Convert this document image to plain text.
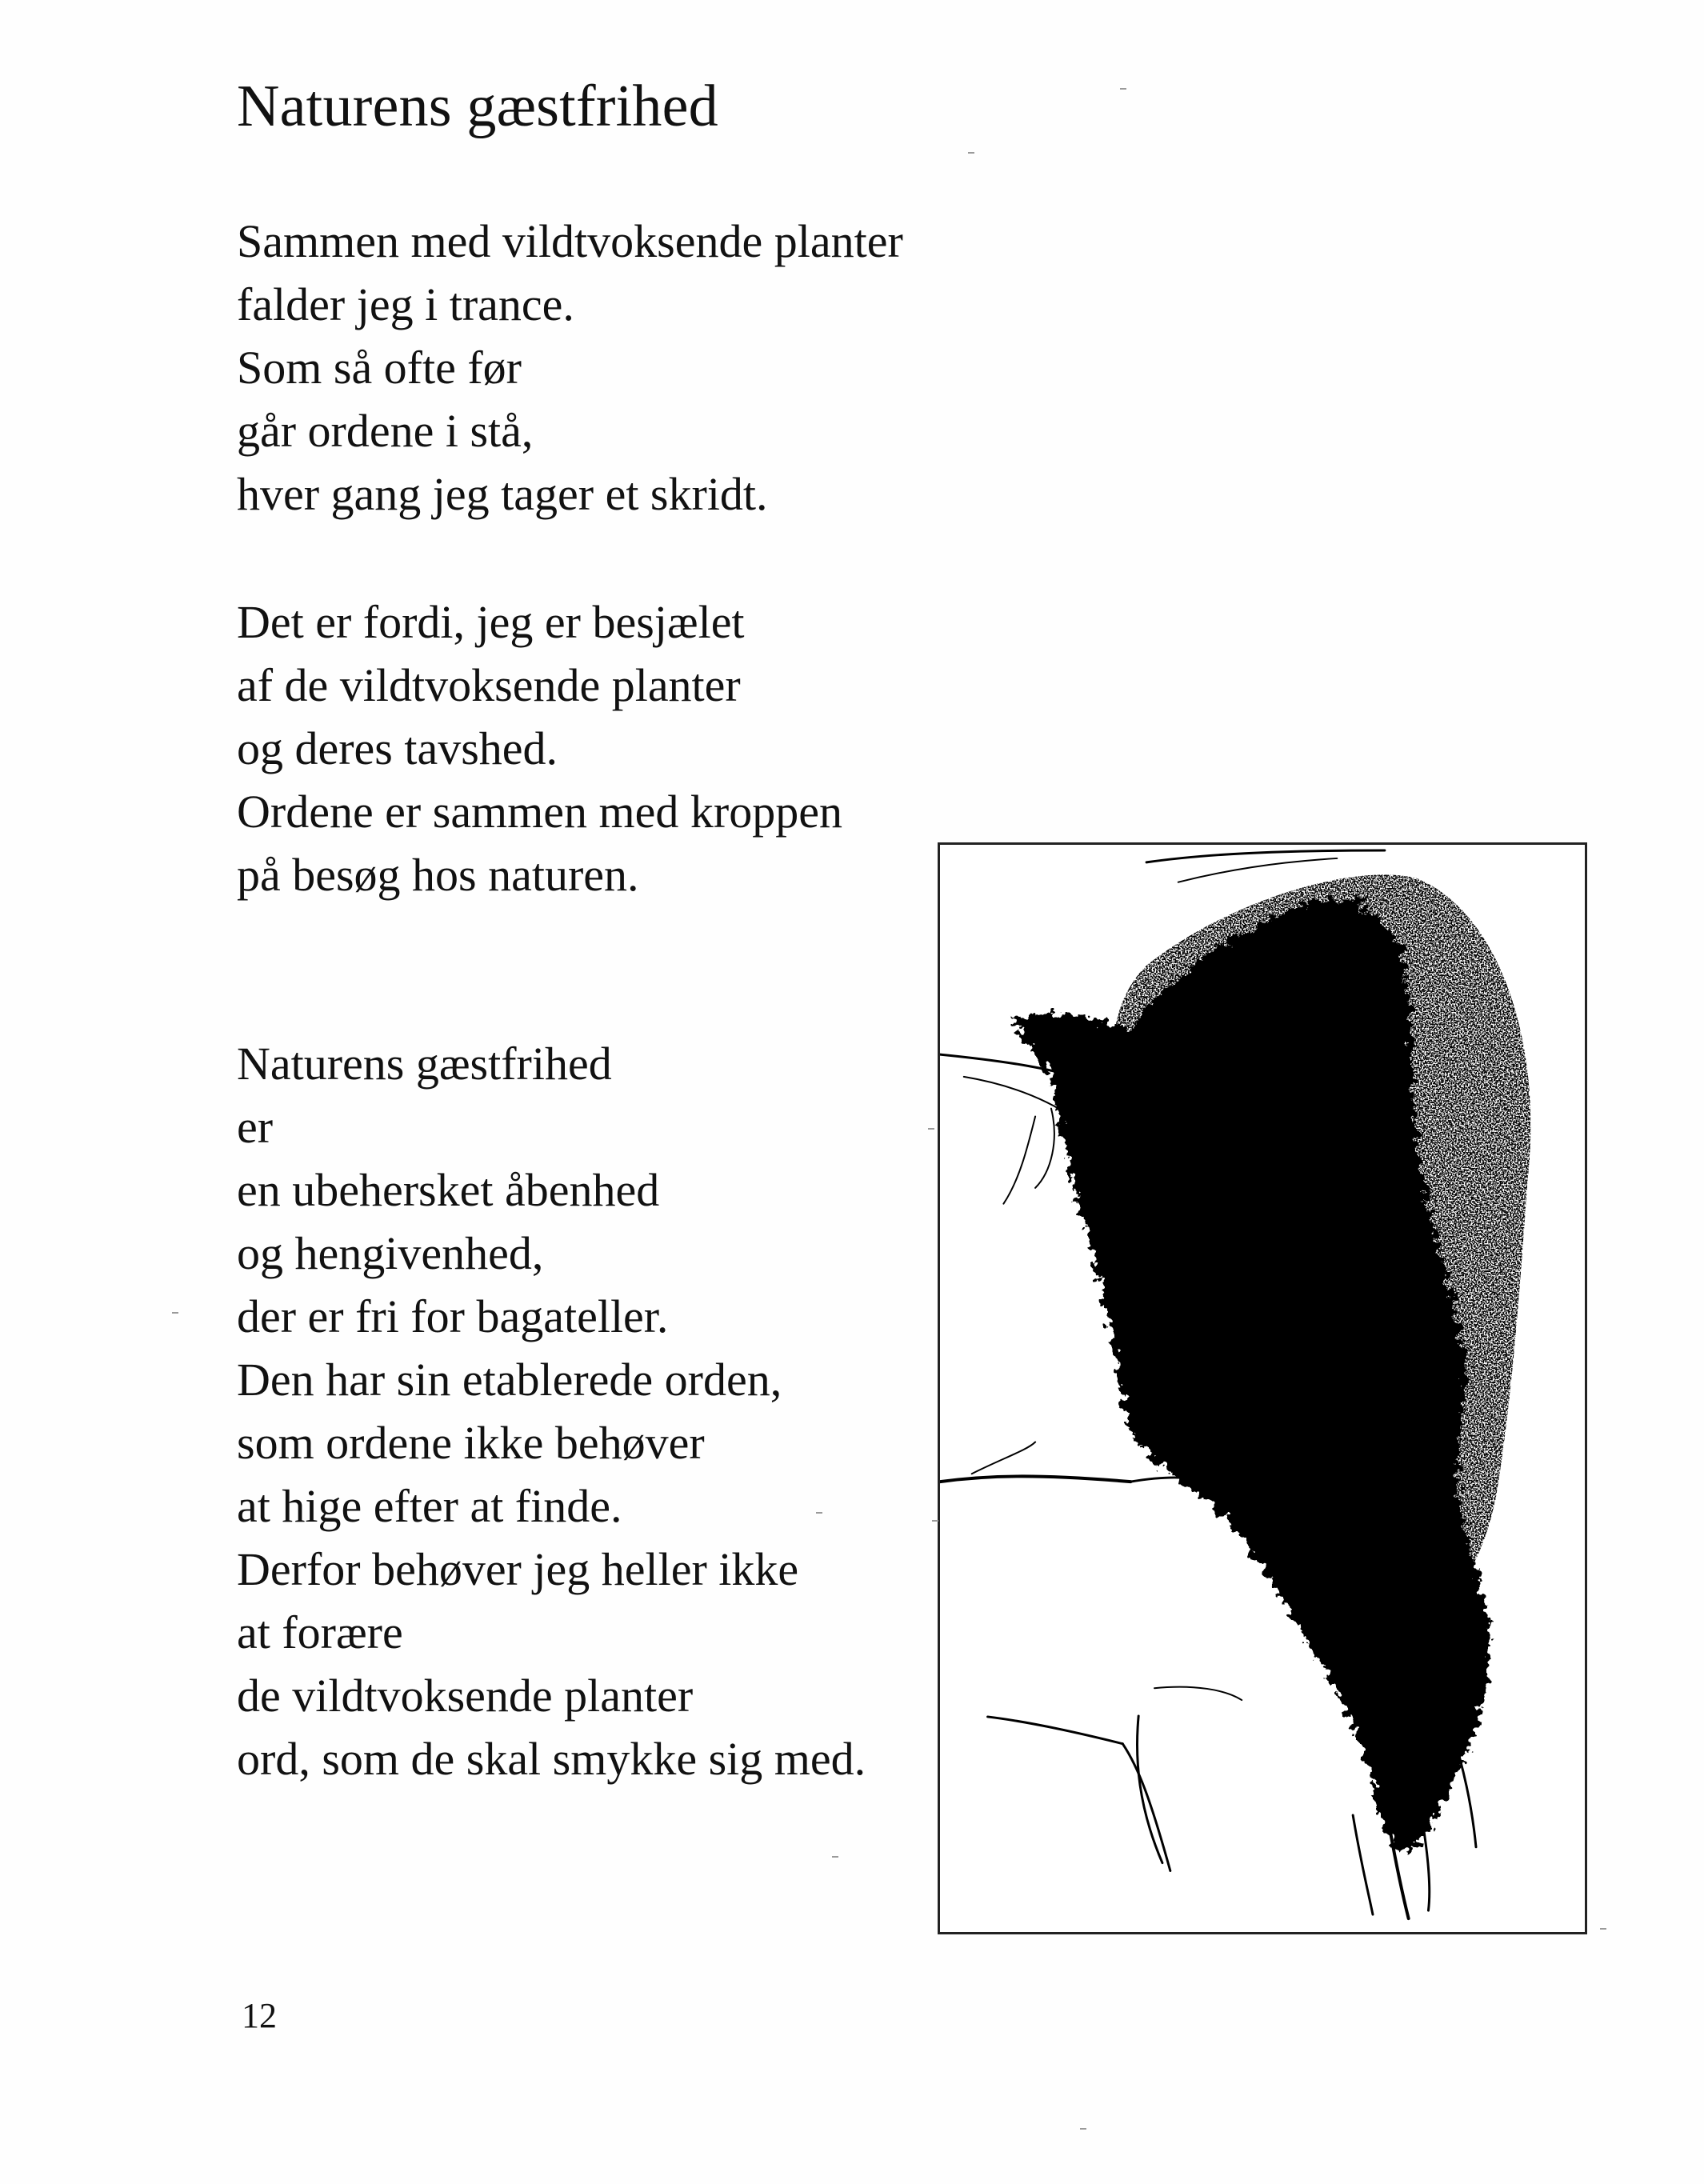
Naturens gæstfrihed
Sammen med vildtvoksende planter
falder jeg i trance.
Som så ofte før
går ordene i stå,
hver gang jeg tager et skridt.
Det er fordi, jeg er besjælet
af de vildtvoksende planter
og deres tavshed.
Ordene er sammen med kroppen
på besøg hos naturen.
Naturens gæstfrihed
er
en ubehersket åbenhed
og hengivenhed,
der er fri for bagateller.
Den har sin etablerede orden,
som ordene ikke behøver
at hige efter at finde.
Derfor behøver jeg heller ikke
at forære
de vildtvoksende planter
ord, som de skal smykke sig med.
12
